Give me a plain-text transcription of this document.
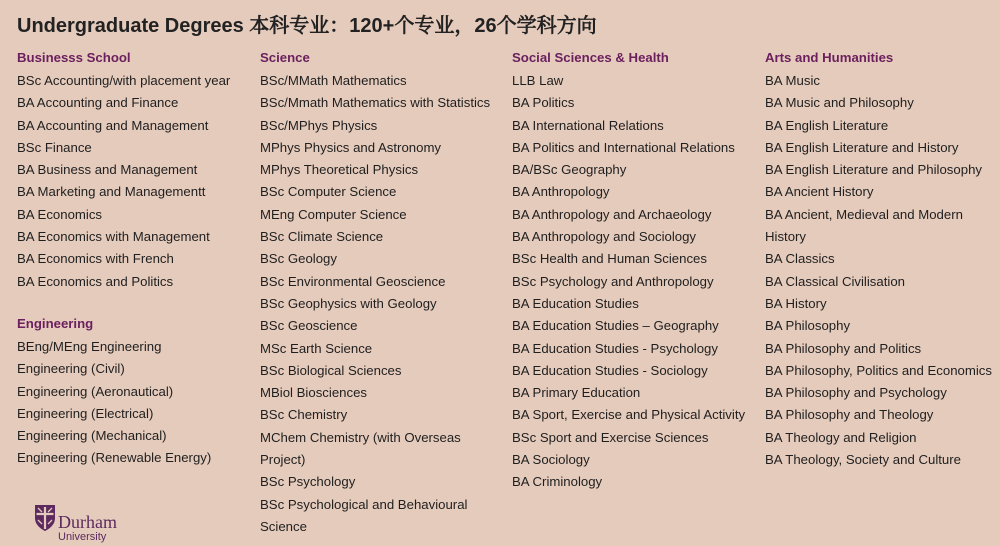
Undergraduate Degrees 本科专业：120+个专业，26个学科方向
Businesss School
BSc Accounting/with placement year
BA Accounting and Finance
BA Accounting and Management
BSc Finance
BA Business and Management
BA Marketing and Managementt
BA Economics
BA Economics with Management
BA Economics with French
BA Economics and Politics
Engineering
BEng/MEng Engineering
Engineering (Civil)
Engineering (Aeronautical)
Engineering (Electrical)
Engineering (Mechanical)
Engineering (Renewable Energy)
Science
BSc/MMath Mathematics
BSc/Mmath Mathematics with Statistics
BSc/MPhys Physics
MPhys Physics and Astronomy
MPhys Theoretical Physics
BSc Computer Science
MEng Computer Science
BSc Climate Science
BSc Geology
BSc Environmental Geoscience
BSc Geophysics with Geology
BSc Geoscience
MSc Earth Science
BSc Biological Sciences
MBiol Biosciences
BSc Chemistry
MChem Chemistry (with Overseas
Project)
BSc Psychology
BSc Psychological and Behavioural
Science
Social Sciences & Health
LLB Law
BA Politics
BA International Relations
BA Politics and International Relations
BA/BSc Geography
BA Anthropology
BA Anthropology and Archaeology
BA Anthropology and Sociology
BSc Health and Human Sciences
BSc Psychology and Anthropology
BA Education Studies
BA Education Studies – Geography
BA Education Studies - Psychology
BA Education Studies - Sociology
BA Primary Education
BA Sport, Exercise and Physical Activity
BSc Sport and Exercise Sciences
BA Sociology
BA Criminology
Arts and Humanities
BA Music
BA Music and Philosophy
BA English Literature
BA English Literature and History
BA English Literature and Philosophy
BA Ancient History
BA Ancient, Medieval and Modern
History
BA Classics
BA Classical Civilisation
BA History
BA Philosophy
BA Philosophy and Politics
BA Philosophy, Politics and Economics
BA Philosophy and Psychology
BA Philosophy and Theology
BA Theology and Religion
BA Theology, Society and Culture
Durham
University
